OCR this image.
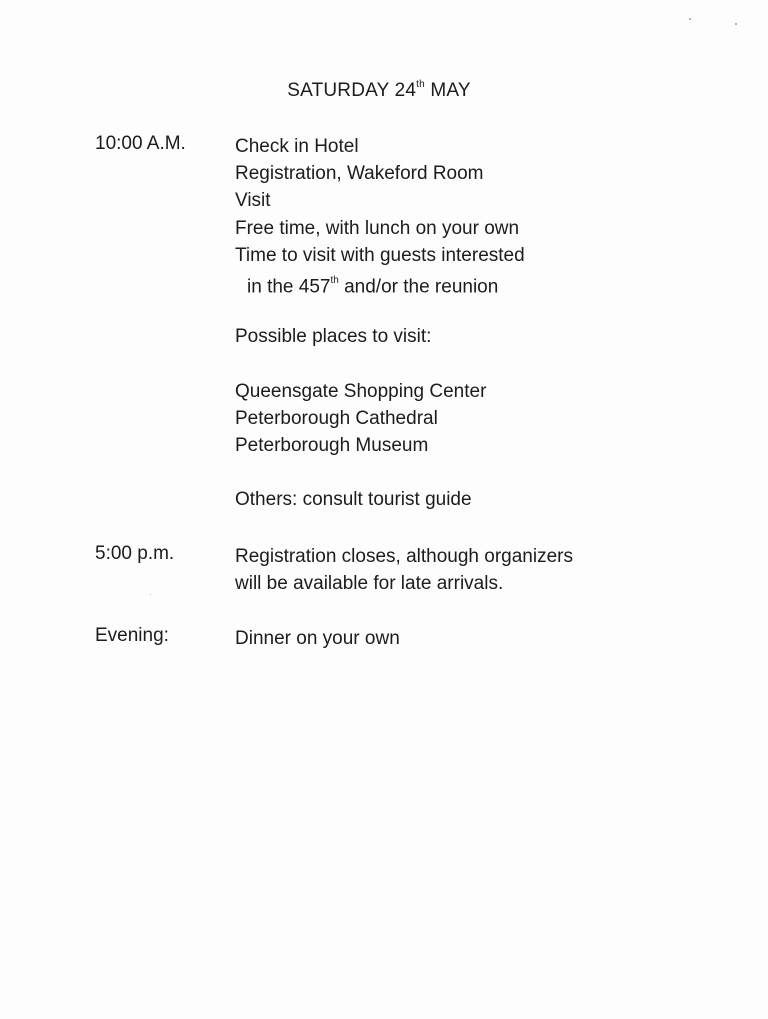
SATURDAY 24th MAY
10:00 A.M.	Check in Hotel
Registration, Wakeford Room
Visit
Free time, with lunch on your own
Time to visit with guests interested
in the 457th and/or the reunion
Possible places to visit:
Queensgate Shopping Center
Peterborough Cathedral
Peterborough Museum
Others: consult tourist guide
5:00 p.m.	Registration closes, although organizers
will be available for late arrivals.
Evening:	Dinner on your own
